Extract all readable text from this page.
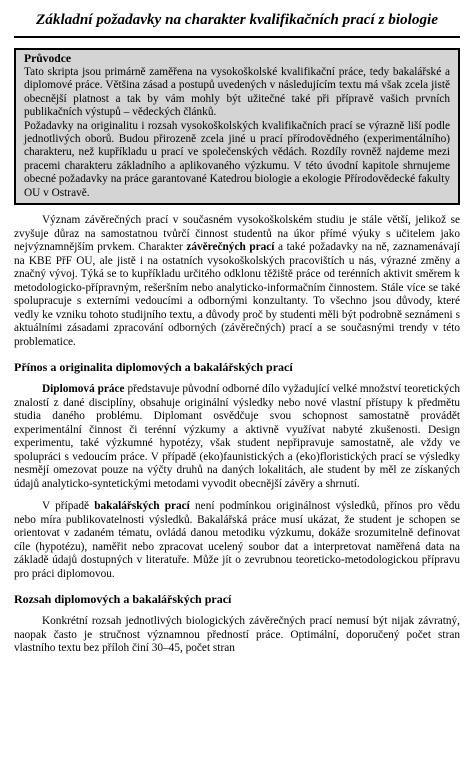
Základní požadavky na charakter kvalifikačních prací z biologie
Průvodce

Tato skripta jsou primárně zaměřena na vysokoškolské kvalifikační práce, tedy bakalářské a diplomové práce. Většina zásad a postupů uvedených v následujícím textu má však zcela jistě obecnější platnost a tak by vám mohly být užitečné také při přípravě vašich prvních publikačních výstupů – vědeckých článků.

Požadavky na originalitu i rozsah vysokoškolských kvalifikačních prací se výrazně liší podle jednotlivých oborů. Budou přirozeně zcela jiné u prací přírodovědného (experimentálního) charakteru, než kupříkladu u prací ve společenských vědách. Rozdíly rovněž najdeme mezi pracemi charakteru základního a aplikovaného výzkumu. V této úvodní kapitole shrnujeme obecné požadavky na práce garantované Katedrou biologie a ekologie Přírodovědecké fakulty OU v Ostravě.

Význam závěrečných prací v současném vysokoškolském studiu je stále větší, jelikož se zvyšuje důraz na samostatnou tvůrčí činnost studentů na úkor přímé výuky s učitelem jako nejvýznamnějším prvkem. Charakter závěrečných prací a také požadavky na ně, zaznamenávají na KBE PřF OU, ale jistě i na ostatních vysokoškolských pracovištích u nás, výrazné změny a značný vývoj. Týká se to kupříkladu určitého odklonu těžiště práce od terénních aktivit směrem k metodologicko-přípravným, rešeršním nebo analyticko-informačním činnostem. Stále více se také spolupracuje s externími vedoucími a odbornými konzultanty. To všechno jsou důvody, které vedly ke vzniku tohoto studijního textu, a důvody proč by studenti měli být podrobně seznámeni s aktuálními zásadami zpracování odborných (závěrečných) prací a se současnými trendy v této problematice.

Přínos a originalita diplomových a bakalářských prací

Diplomová práce představuje původní odborné dílo vyžadující velké množství teoretických znalostí z dané disciplíny, obsahuje originální výsledky nebo nové vlastní přístupy k předmětu studia daného problému. Diplomant osvědčuje svou schopnost samostatně provádět experimentální činnost či terénní výzkumy a aktivně využívat nabyté zkušenosti. Design experimentu, také výzkumné hypotézy, však student nepřipravuje samostatně, ale vždy ve spolupráci s vedoucím práce. V případě (eko)faunistických a (eko)floristických prací se výsledky nesmějí omezovat pouze na výčty druhů na daných lokalitách, ale student by měl ze získaných údajů analyticko-syntetickými metodami vyvodit obecnější závěry a shrnutí.

V případě bakalářských prací není podmínkou originálnost výsledků, přínos pro vědu nebo míra publikovatelnosti výsledků. Bakalářská práce musí ukázat, že student je schopen se orientovat v zadaném tématu, ovládá danou metodiku výzkumu, dokáže srozumitelně definovat cíle (hypotézu), naměřit nebo zpracovat ucelený soubor dat a interpretovat naměřená data na základě údajů dostupných v literatuře. Může jít o zevrubnou teoreticko-metodologickou přípravu pro práci diplomovou.

Rozsah diplomových a bakalářských prací

Konkrétní rozsah jednotlivých biologických závěrečných prací nemusí být nijak závratný, naopak často je stručnost významnou předností práce. Optimální, doporučený počet stran vlastního textu bez příloh činí 30–45, počet stran
